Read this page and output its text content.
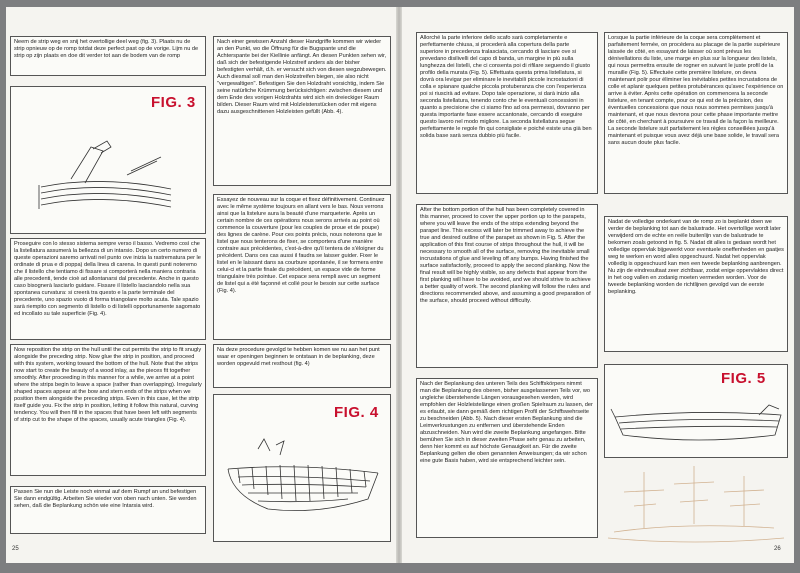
Neem de strip weg en snij het overtollige deel weg (fig. 3). Plaats nu de strip opnieuw op de romp totdat deze perfect past op de vorige. Lijm nu de strip op zijn plaats en doe dit verder tot aan de bodem van de romp

FIG. 3

Nach einer gewissen Anzahl dieser Handgriffe kommen wir wieder an den Punkt, wo die Öffnung für die Bugspante und die Achterspante bei der Kiellinie anfängt. An diesen Punkten sehen wir, daß sich der befestigende Holzstreif anders als der bisher befestigten verhält, d.h. er versucht sich von diesen wegzubewegen. Auch diesmal soll man den Holzstreifen biegen, sie also nicht "vergewaltigen". Befestigen Sie den Holzdraht vorsichtig, indem Sie seine natürliche Krümmung berücksichtigen: zwischen diesem und dem Ende des vorigen Holzdrahts wird sich ein dreieckiger Raum bilden. Dieser Raum wird mit Holzleistenstücken oder mit eigens dazu ausgeschnittenen Holzleisten gefüllt (Abb. 4).

Proseguire con lo stesso sistema sempre verso il basso. Vedremo così che la listellatura assumerà la bellezza di un intarsio. Dopo un certo numero di queste operazioni saremo arrivati nel punto ove inizia la rastrematura per le ordinate di prua e di poppa) della linea di carena. In questi punti noteremo che il listello che tentiamo di fissare si comporterà nella maniera contraria alle precedenti, tende cioè ad allontanarsi dal precedente. Anche in questo caso bisognerà lasciarlo guidare. Fissare il listello lasciandolo nella sua spontanea curvatura: si creerà tra questo e la parte terminale del precedente, uno spazio vuoto di forma triangolare molto acuta. Tale spazio sarà riempito con segmento di listello o di listelli opportunamente sagomato ed incollato su tale superficie (Fig. 4).

Essayez de nouveau sur la coque et fixez définitivement. Continuez avec le même système toujours en allant vers le bas. Nous verrons ainsi que la listelure aura la beauté d'une marqueterie. Après un certain nombre de ces opérations nous serons arrivés au point où commence la couverture (pour les couples de proue et de poupe) des lignes de carène. Pour ces points précis, nous noterons que le listel que nous tenterons de fixer, se comportera d'une manière contraire aux précédentes, c'est-à-dire qu'il tentera de s'éloigner du précédent. Dans ces cas aussi il faudra se laisser guider. Fixer le listel en le laissant dans sa courbure spontanée, il se formera entre celui-ci et la partie finale du précédent, un espace vide de forme triangulaire très pointue. Cet espace sera rempli avec un segment de listel qui a été façonné et collé pour le besoin sur cette surface (Fig. 4).

Now reposition the strip on the hull until the cut permits the strip to fit snugly alongside the preceding strip. Now glue the strip in position, and proceed with this system, working toward the bottom of the hull. Note that the strips now start to create the beauty of a wood inlay, as the pieces fit together smoothly. After proceeding in this manner for a while, we arrive at a point where the strips begin to leave a space (rather than overlapping). Irregularly shaped spaces appear at the bow and stern ends of the strips when we position them alongside the preceding strips. Even in this case, let the strip itself guide you. Fix the strip in position, letting it follow this natural, curving tendency. You will then fill in the spaces that have been left with segments of strip cut to the shape of the spaces, usually acute triangles (Fig. 4).

Na deze procedure gevolgd te hebben komen we nu aan het punt waar er openingen beginnen te ontstaan in de beplanking, deze worden opgevuld met resthout (fig. 4)

FIG. 4

Passen Sie nun die Leiste noch einmal auf dem Rumpf an und befestigen Sie dann endgültig. Arbeiten Sie wieder von oben nach unten. Sie werden sehen, daß die Beplankung schön wie eine Intarsia wird.

25

Allorché la parte inferiore dello scafo sarà completamente e perfettamente chiusa, si procederà alla copertura della parte superiore in precedenza tralasciata, cercando di lasciare ove si prevedano disilivelli del capo di banda, un margine in più sulla lunghezza dei listelli, che ci consenta poi di rifilare seguendo il giusto profilo della murata (Fig. 5). Effettuata questa prima listellatura, si dovrà ora levigar per eliminare le inevitabili piccole incrostazioni di colla e spianare qualche piccola protuberanza che con l'esperienza poi si riuscirà ad evitare. Dopo tale operazione, si darà inizio alla seconda listellatura, tenendo conto che le eventuali concessioni in quanto a precisione che ci siamo fino ad ora permessi, dovranno per questa importante fase essere accantonate, cercando di eseguire questo lavoro nel modo migliore. La seconda listellatura segue perfettamente le regole fin qui consigliate e poiché esiste una già ben solida base sarà senza dubbio più facile.

Lorsque la partie inférieure de la coque sera complètement et parfaitement fermée, on procédera au placage de la partie supérieure laissée de côté, en essayant de laisser où sont prévus les dénivellations du liste, une marge en plus sur la longueur des listels, qui nous permettra ensuite de rogner en suivant le juste profil de la muraille (Fig. 5). Effectuée cette première listelure, on devra maintenant polir pour éliminer les inévitables petites incrustations de colle et aplanir quelques petites protubérances qu'avec l'expérience on arrive à éviter. Après cette opération on commencera la seconde listelure, en tenant compte, pour ce qui est de la précision, des éventuelles concessions que nous nous sommes permises jusqu'à maintenant, et que nous devrons pour cette phase importante mettre de côté, en cherchant à poursuivre ce travail de la façon la meilleure. La seconde listelure suit parfaitement les règles conseillées jusqu'à maintenant et puisque vous avez déjà une base solide, le travail sera sans aucun doute plus facile.

After the bottom portion of the hull has been completely covered in this manner, proceed to cover the upper portion up to the parapets, where you will leave the ends of the strips extending beyond the parapet line. This excess will later be trimmed away to achieve the true and desired outline of the parapet as shown in Fig. 5. After the application of this first course of strips throughout the hull, it will be necessary to smooth all of the surface, removing the inevitable small incrustations of glue and leveling off any bumps. Having finished the surface satisfactorily, proceed to apply the second planking. Now the final result will be highly visible, so any defects that appear from the first planking will have to be avoided, and we should strive to achieve a better quality of work. The second planking will follow the rules and directions recommended above, and assuming a good preparation of the surface, should proceed without difficulty.

Nadat de volledige onderkant van de romp zo is beplankt doen we verder de beplanking tot aan de balustrade. Het overtollige wordt later verwijderd om de echte en reële buitenlijn van de balustrade te bekomen zoals getoond in fig. 5. Nadat dit alles is gedaan wordt het volledige oppervlak bijgewerkt voor eventuele oneffenheden en gaatjes weg te werken en word alles opgeschuurd. Nadat het oppervlak volledig is opgeschuurd kan men een tweede beplanking aanbrengen. Nu zijn de eindresultaat zeer zichtbaar, zodat enige oppervlaktes direct in het oog vallen en zodanig moeten vermeden worden. Voor de tweede beplanking worden de richtlijnen gevolgd van de eerste beplanking.

FIG. 5

Nach der Beplankung des unteren Teils des Schiffskörpers nimmt man die Beplankung des oberen, bisher ausgelassenen Teils vor, wo ungleiche überstehende Längen vorausgesehen werden, wird empfohlen der Holzleistelänge einen großen Spielraum zu lassen, der es erlaubt, sie dann gemäß dem richtigen Profil der Schiffswehrseite zu beschneiden (Abb. 5). Nach dieser ersten Beplankung sind die Leimverkrustungen zu entfernen und überstehende Enden abzuschneiden. Nun wird die zweite Beplankung angefangen. Bitte bemühen Sie sich in dieser zweiten Phase sehr genau zu arbeiten, denn hier kommt es auf höchste Genauigkeit an. Für die zweite Beplankung gelten die oben genannten Anweisungen; da wir schon eine gute Basis haben, wird sie entsprechend leichter sein.

26
